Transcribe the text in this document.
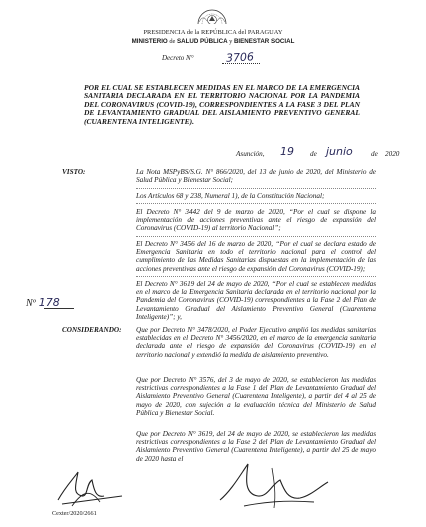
PRESIDENCIA de la REPÚBLICA del PARAGUAY
MINISTERIO de SALUD PÚBLICA y BIENESTAR SOCIAL
Decreto N°	3706
POR EL CUAL SE ESTABLECEN MEDIDAS EN EL MARCO DE LA EMERGENCIA SANITARIA DECLARADA EN EL TERRITORIO NACIONAL POR LA PANDEMIA DEL CORONAVIRUS (COVID-19), CORRESPONDIENTES A LA FASE 3 DEL PLAN DE LEVANTAMIENTO GRADUAL DEL AISLAMIENTO PREVENTIVO GENERAL (CUARENTENA INTELIGENTE).
Asunción, 19 de junio	de 2020
Nº 178
VISTO:	La Nota MSPyBS/S.G. N° 866/2020, del 13 de junio de 2020, del Ministerio de Salud Pública y Bienestar Social;
Los Artículos 68 y 238, Numeral 1), de la Constitución Nacional;
El Decreto N° 3442 del 9 de marzo de 2020, “Por el cual se dispone la implementación de acciones preventivas ante el riesgo de expansión del Coronavirus (COVID-19) al territorio Nacional”;
El Decreto N° 3456 del 16 de marzo de 2020, “Por el cual se declara estado de Emergencia Sanitaria en todo el territorio nacional para el control del cumplimiento de las Medidas Sanitarias dispuestas en la implementación de las acciones preventivas ante el riesgo de expansión del Coronavirus (COVID-19);
El Decreto N° 3619 del 24 de mayo de 2020, “Por el cual se establecen medidas en el marco de la Emergencia Sanitaria declarada en el territorio nacional por la Pandemia del Coronavirus (COVID-19) correspondientes a la Fase 2 del Plan de Levantamiento Gradual del Aislamiento Preventivo General (Cuarentena Inteligente)”; y,
CONSIDERANDO: Que por Decreto N° 3478/2020, el Poder Ejecutivo amplió las medidas sanitarias establecidas en el Decreto N° 3456/2020, en el marco de la emergencia sanitaria declarada ante el riesgo de expansión del Coronavirus (COVID-19) en el territorio nacional y extendió la medida de aislamiento preventivo.
Que por Decreto N° 3576, del 3 de mayo de 2020, se establecieron las medidas restrictivas correspondientes a la Fase 1 del Plan de Levantamiento Gradual del Aislamiento Preventivo General (Cuarentena Inteligente), a partir del 4 al 25 de mayo de 2020, con sujeción a la evaluación técnica del Ministerio de Salud Pública y Bienestar Social.
Que por Decreto N° 3619, del 24 de mayo de 2020, se establecieron las medidas restrictivas correspondientes a la Fase 2 del Plan de Levantamiento Gradual del Aislamiento Preventivo General (Cuarentena Inteligente), a partir del 25 de mayo de 2020 hasta el
Cexter/2020/2661
